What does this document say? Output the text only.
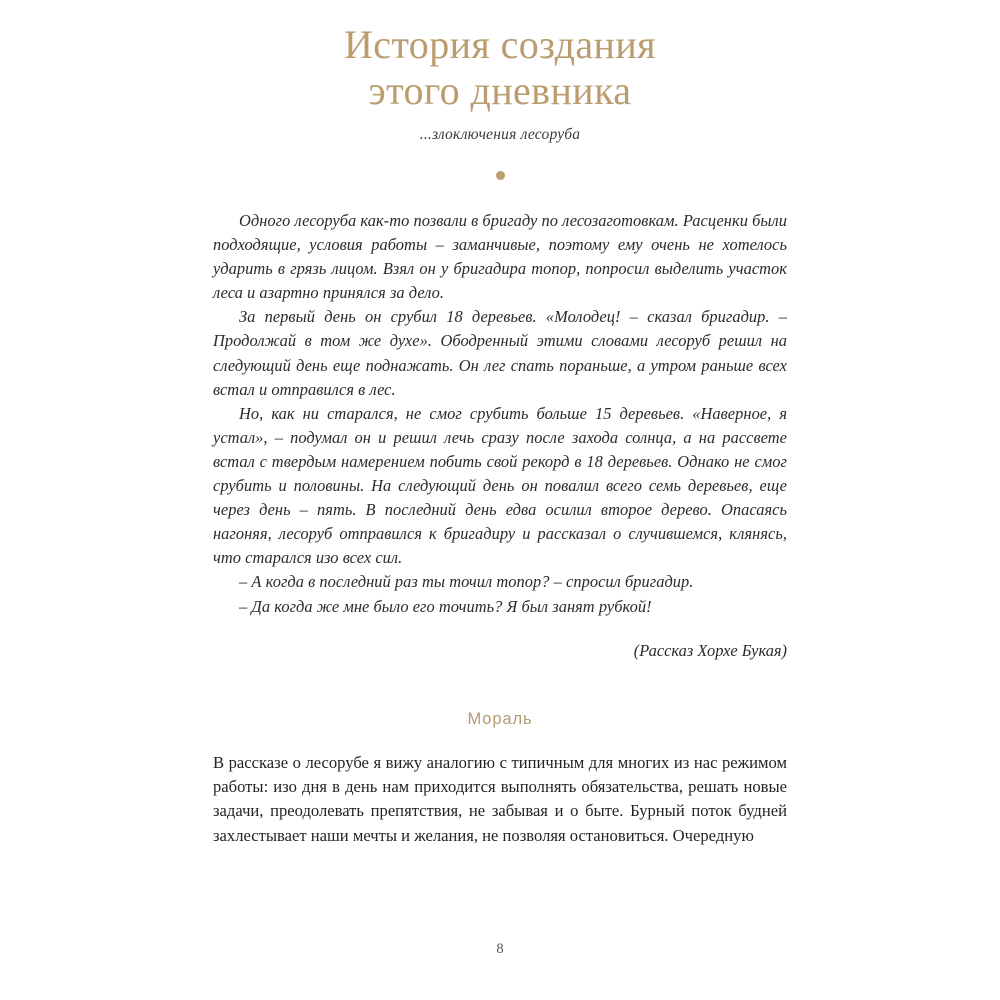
История создания
этого дневника
...злоключения лесоруба

Одного лесоруба как-то позвали в бригаду по лесозаготовкам. Расценки были подходящие, условия работы – заманчивые, поэтому ему очень не хотелось ударить в грязь лицом. Взял он у бригадира топор, попросил выделить участок леса и азартно принялся за дело.

За первый день он срубил 18 деревьев. «Молодец! – сказал бригадир. – Продолжай в том же духе». Ободренный этими словами лесоруб решил на следующий день еще поднажать. Он лег спать пораньше, а утром раньше всех встал и отправился в лес.

Но, как ни старался, не смог срубить больше 15 деревьев. «Наверное, я устал», – подумал он и решил лечь сразу после захода солнца, а на рассвете встал с твердым намерением побить свой рекорд в 18 деревьев. Однако не смог срубить и половины. На следующий день он повалил всего семь деревьев, еще через день – пять. В последний день едва осилил второе дерево. Опасаясь нагоняя, лесоруб отправился к бригадиру и рассказал о случившемся, клянясь, что старался изо всех сил.

– А когда в последний раз ты точил топор? – спросил бригадир.

– Да когда же мне было его точить? Я был занят рубкой!

(Рассказ Хорхе Букая)
Мораль

В рассказе о лесорубе я вижу аналогию с типичным для многих из нас режимом работы: изо дня в день нам приходится выполнять обязательства, решать новые задачи, преодолевать препятствия, не забывая и о быте. Бурный поток будней захлестывает наши мечты и желания, не позволяя остановиться. Очередную

8
